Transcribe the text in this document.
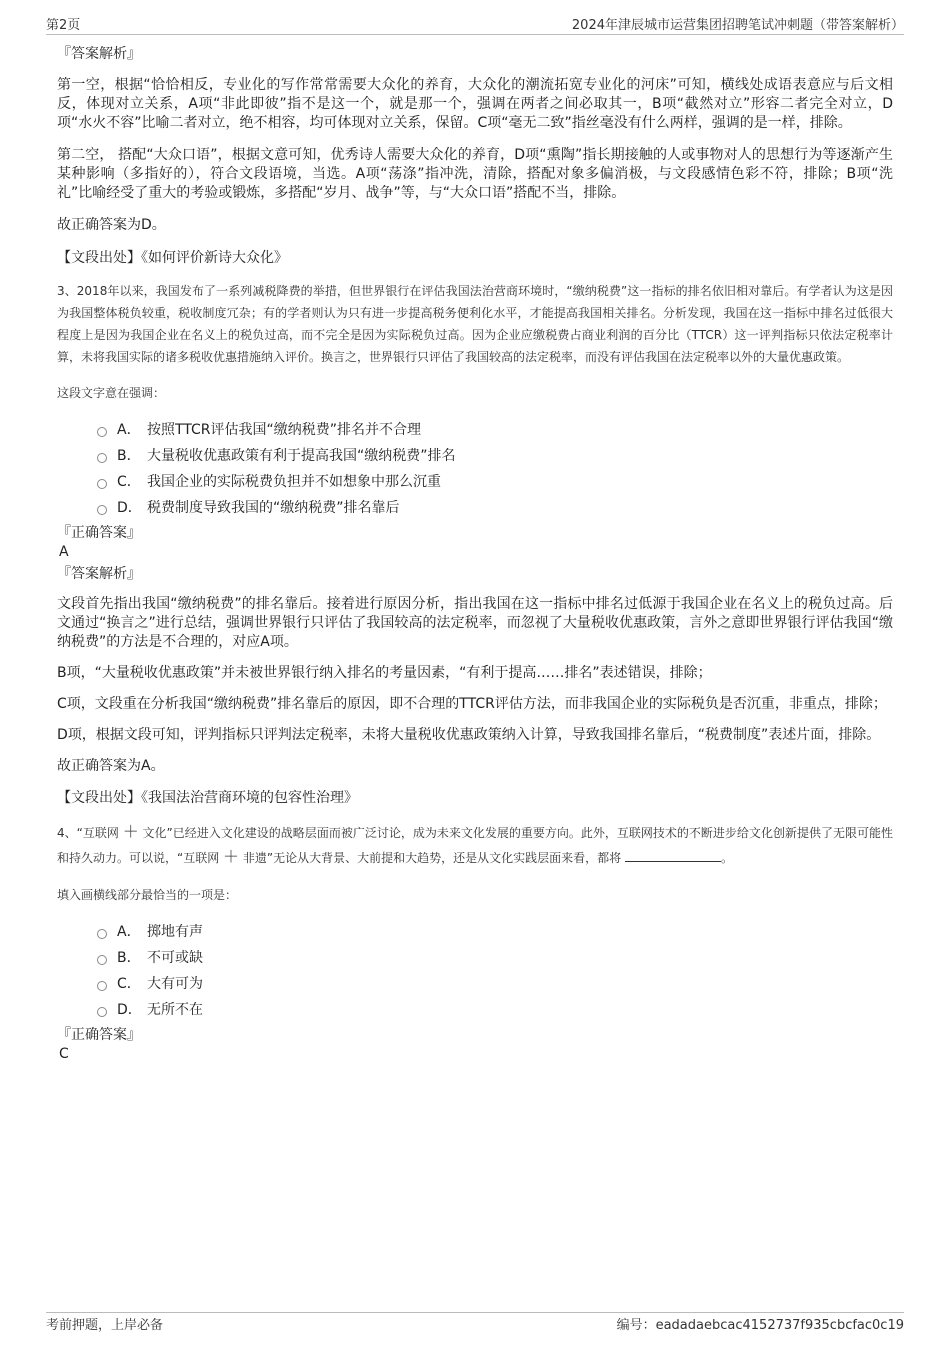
第2页	2024年津辰城市运营集团招聘笔试冲刺题（带答案解析）

『答案解析』

第一空，根据“恰恰相反，专业化的写作常常需要大众化的养育，大众化的潮流拓宽专业化的河床”可知，横线处成语表意应与后文相反，体现对立关系，A项“非此即彼”指不是这一个，就是那一个，强调在两者之间必取其一，B项“截然对立”形容二者完全对立，D项“水火不容”比喻二者对立，绝不相容，均可体现对立关系，保留。C项“毫无二致”指丝毫没有什么两样，强调的是一样，排除。

第二空， 搭配“大众口语”，根据文意可知，优秀诗人需要大众化的养育，D项“熏陶”指长期接触的人或事物对人的思想行为等逐渐产生某种影响（多指好的），符合文段语境，当选。A项“荡涤”指冲洗，清除，搭配对象多偏消极，与文段感情色彩不符，排除；B项“洗礼”比喻经受了重大的考验或锻炼，多搭配“岁月、战争”等，与“大众口语”搭配不当，排除。

故正确答案为D。

【文段出处】《如何评价新诗大众化》

3、2018年以来，我国发布了一系列减税降费的举措，但世界银行在评估我国法治营商环境时，“缴纳税费”这一指标的排名依旧相对靠后。有学者认为这是因为我国整体税负较重，税收制度冗杂；有的学者则认为只有进一步提高税务便利化水平，才能提高我国相关排名。分析发现，我国在这一指标中排名过低很大程度上是因为我国企业在名义上的税负过高，而不完全是因为实际税负过高。因为企业应缴税费占商业利润的百分比（TTCR）这一评判指标只依法定税率计算，未将我国实际的诸多税收优惠措施纳入评价。换言之，世界银行只评估了我国较高的法定税率，而没有评估我国在法定税率以外的大量优惠政策。

这段文字意在强调：

A． 按照TTCR评估我国“缴纳税费”排名并不合理
B． 大量税收优惠政策有利于提高我国“缴纳税费”排名
C． 我国企业的实际税费负担并不如想象中那么沉重
D． 税费制度导致我国的“缴纳税费”排名靠后

『正确答案』

A

『答案解析』

文段首先指出我国“缴纳税费”的排名靠后。接着进行原因分析，指出我国在这一指标中排名过低源于我国企业在名义上的税负过高。后文通过“换言之”进行总结，强调世界银行只评估了我国较高的法定税率，而忽视了大量税收优惠政策，言外之意即世界银行评估我国“缴纳税费”的方法是不合理的，对应A项。

B项，“大量税收优惠政策”并未被世界银行纳入排名的考量因素，“有利于提高……排名”表述错误，排除；

C项，文段重在分析我国“缴纳税费”排名靠后的原因，即不合理的TTCR评估方法，而非我国企业的实际税负是否沉重，非重点，排除；

D项，根据文段可知，评判指标只评判法定税率，未将大量税收优惠政策纳入计算，导致我国排名靠后，“税费制度”表述片面，排除。

故正确答案为A。

【文段出处】《我国法治营商环境的包容性治理》

4、“互联网 ＋ 文化”已经进入文化建设的战略层面而被广泛讨论，成为未来文化发展的重要方向。此外，互联网技术的不断进步给文化创新提供了无限可能性和持久动力。可以说，“互联网 ＋ 非遗”无论从大背景、大前提和大趋势，还是从文化实践层面来看，都将	。

填入画横线部分最恰当的一项是：

A． 掷地有声
B． 不可或缺
C． 大有可为
D． 无所不在

『正确答案』

C

考前押题，上岸必备	编号：eadadaebcac4152737f935cbcfac0c19
